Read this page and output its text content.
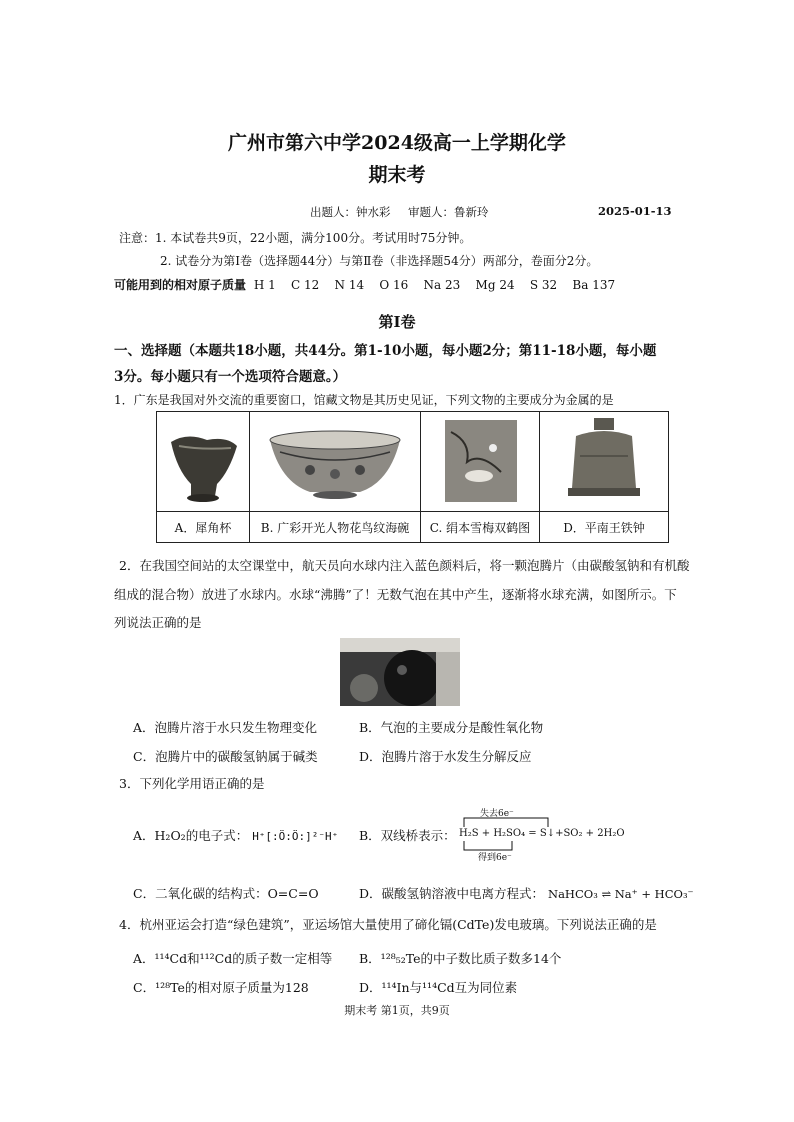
广州市第六中学2024级高一上学期化学
期末考
出题人：钟水彩 审题人：鲁新玲	2025-01-13
注意：1. 本试卷共9页，22小题，满分100分。考试用时75分钟。
2. 试卷分为第Ⅰ卷（选择题44分）与第Ⅱ卷（非选择题54分）两部分，卷面分2分。
可能用到的相对原子质量 H 1    C 12    N 14    O 16    Na 23    Mg 24    S 32    Ba 137
第Ⅰ卷
一、选择题（本题共18小题，共44分。第1-10小题，每小题2分；第11-18小题，每小题
3分。每小题只有一个选项符合题意。）
1．广东是我国对外交流的重要窗口，馆藏文物是其历史见证，下列文物的主要成分为金属的是

A．犀角杯	B. 广彩开光人物花鸟纹海碗	C. 绢本雪梅双鹤图	D．平南王铁钟
2．在我国空间站的太空课堂中，航天员向水球内注入蓝色颜料后，将一颗泡腾片（由碳酸氢钠和有机酸
组成的混合物）放进了水球内。水球“沸腾”了！无数气泡在其中产生，逐渐将水球充满，如图所示。下
列说法正确的是
A．泡腾片溶于水只发生物理变化	B．气泡的主要成分是酸性氧化物
C．泡腾片中的碳酸氢钠属于碱类	D．泡腾片溶于水发生分解反应
3．下列化学用语正确的是
A．H₂O₂的电子式： H⁺[:Ö:Ö:]²⁻H⁺ B．双线桥表示：
失去6e⁻
H₂S + H₂SO₄ = S↓+SO₂ + 2H₂O
得到6e⁻
C．二氧化碳的结构式：O=C=O	D．碳酸氢钠溶液中电离方程式： NaHCO₃ ⇌ Na⁺ + HCO₃⁻
4．杭州亚运会打造“绿色建筑”，亚运场馆大量使用了碲化镉(CdTe)发电玻璃。下列说法正确的是
A．¹¹⁴Cd和¹¹²Cd的质子数一定相等 B．¹²⁸₅₂Te的中子数比质子数多14个
C．¹²⁸Te的相对原子质量为128	D．¹¹⁴In与¹¹⁴Cd互为同位素
期末考 第1页，共9页
